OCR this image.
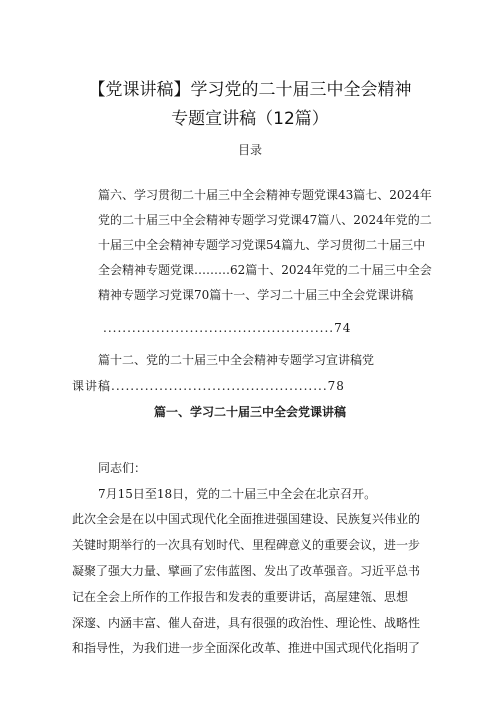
【党课讲稿】学习党的二十届三中全会精神
专题宣讲稿（12篇）
目录
篇六、学习贯彻二十届三中全会精神专题党课43篇七、2024年
党的二十届三中全会精神专题学习党课47篇八、2024年党的二
十届三中全会精神专题学习党课54篇九、学习贯彻二十届三中
全会精神专题党课………62篇十、2024年党的二十届三中全会
精神专题学习党课70篇十一、学习二十届三中全会党课讲稿
................................................74
篇十二、党的二十届三中全会精神专题学习宣讲稿党
课讲稿.............................................78
篇一、学习二十届三中全会党课讲稿
同志们：
7月15日至18日，党的二十届三中全会在北京召开。
此次全会是在以中国式现代化全面推进强国建设、民族复兴伟业的
关键时期举行的一次具有划时代、里程碑意义的重要会议，进一步
凝聚了强大力量、擘画了宏伟蓝图、发出了改革强音。习近平总书
记在全会上所作的工作报告和发表的重要讲话，高屋建瓴、思想
深邃、内涵丰富、催人奋进，具有很强的政治性、理论性、战略性
和指导性，为我们进一步全面深化改革、推进中国式现代化指明了
